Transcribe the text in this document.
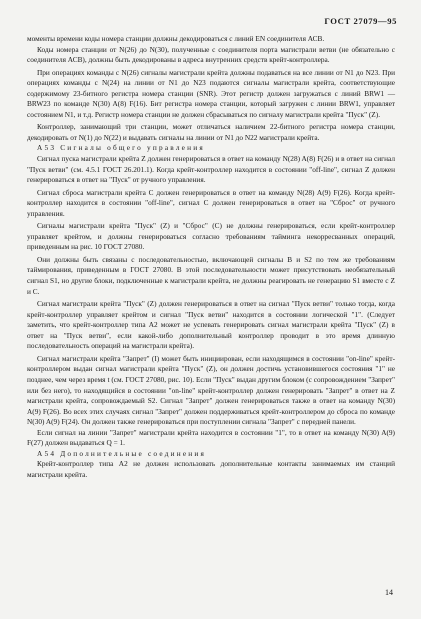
ГОСТ 27079—95

моменты времени коды номера станции должны декодироваться с линий EN соединителя АСВ.

Коды номера станции от N(26) до N(30), полученные с соединителя порта магистрали ветви (не обязательно с соединителя АСВ), должны быть декодированы в адреса внутренних средств крейт-контроллера.

При операциях команды с N(26) сигналы магистрали крейта должны подаваться на все линии от N1 до N23. При операциях команды с N(24) на линии от N1 до N23 подаются сигналы магистрали крейта, соответствующие содержимому 23-битного регистра номера станции (SNR). Этот регистр должен загружаться с линий BRW1 — BRW23 по команде N(30) A(8) F(16). Бит регистра номера станции, который загружен с линии BRW1, управляет состоянием N1, и т.д. Регистр номера станции не должен сбрасываться по сигналу магистрали крейта "Пуск" (Z).

Контроллер, занимающий три станции, может отличаться наличием 22-битного регистра номера станции, декодировать от N(1) до N(22) и выдавать сигналы на линии от N1 до N22 магистрали крейта.

А53 Сигналы общего управления

Сигнал пуска магистрали крейта Z должен генерироваться в ответ на команду N(28) A(8) F(26) и в ответ на сигнал "Пуск ветви" (см. 4.5.1 ГОСТ 26.201.1). Когда крейт-контроллер находится в состоянии "off-line", сигнал Z должен генерироваться в ответ на "Пуск" от ручного управления.

Сигнал сброса магистрали крейта С должен генерироваться в ответ на команду N(28) A(9) F(26). Когда крейт-контроллер находится в состоянии "off-line", сигнал С должен генерироваться в ответ на "Сброс" от ручного управления.

Сигналы магистрали крейта "Пуск" (Z) и "Сброс" (С) не должны генерироваться, если крейт-контроллер управляет крейтом, и должны генерироваться согласно требованиям тайминга некорресванных операций, приведенным на рис. 10 ГОСТ 27080.

Они должны быть связаны с последовательностью, включающей сигналы В и S2 по тем же требованиям таймирования, приведенным в ГОСТ 27080. В этой последовательности может присутствовать необязательный сигнал S1, но другие блоки, подключенные к магистрали крейта, не должны реагировать не генерацию S1 вместе с Z и С.

Сигнал магистрали крейта "Пуск" (Z) должен генерироваться в ответ на сигнал "Пуск ветви" только тогда, когда крейт-контроллер управляет крейтом и сигнал "Пуск ветви" находится в состоянии логической "1". (Следует заметить, что крейт-контроллер типа А2 может не успевать генерировать сигнал магистрали крейта "Пуск" (Z) в ответ на "Пуск ветви", если какой-либо дополнительный контроллер проводит в это время длинную последовательность операций на магистрали крейта).

Сигнал магистрали крейта "Запрет" (I) может быть инициирован, если находящимся в состоянии "on-line" крейт-контроллером выдан сигнал магистрали крейта "Пуск" (Z), он должен достичь установившегося состояния "1" не позднее, чем через время t (см. ГОСТ 27080, рис. 10). Если "Пуск" выдан другим блоком (с сопровождением "Запрет" или без него), то находящийся в состоянии "on-line" крейт-контроллер должен генерировать "Запрет" в ответ на Z магистрали крейта, сопровождаемый S2. Сигнал "Запрет" должен генерироваться также в ответ на команду N(30) A(9) F(26). Во всех этих случаях сигнал "Запрет" должен поддерживаться крейт-контроллером до сброса по команде N(30) A(9) F(24). Он должен также генерироваться при поступлении сигнала "Запрет" с передней панели.

Если сигнал на линии "Запрет" магистрали крейта находится в состоянии "1", то в ответ на команду N(30) A(9) F(27) должен выдаваться Q = 1.

А54 Дополнительные соединения

Крейт-контроллер типа А2 не должен использовать дополнительные контакты занимаемых им станций магистрали крейта.

14
